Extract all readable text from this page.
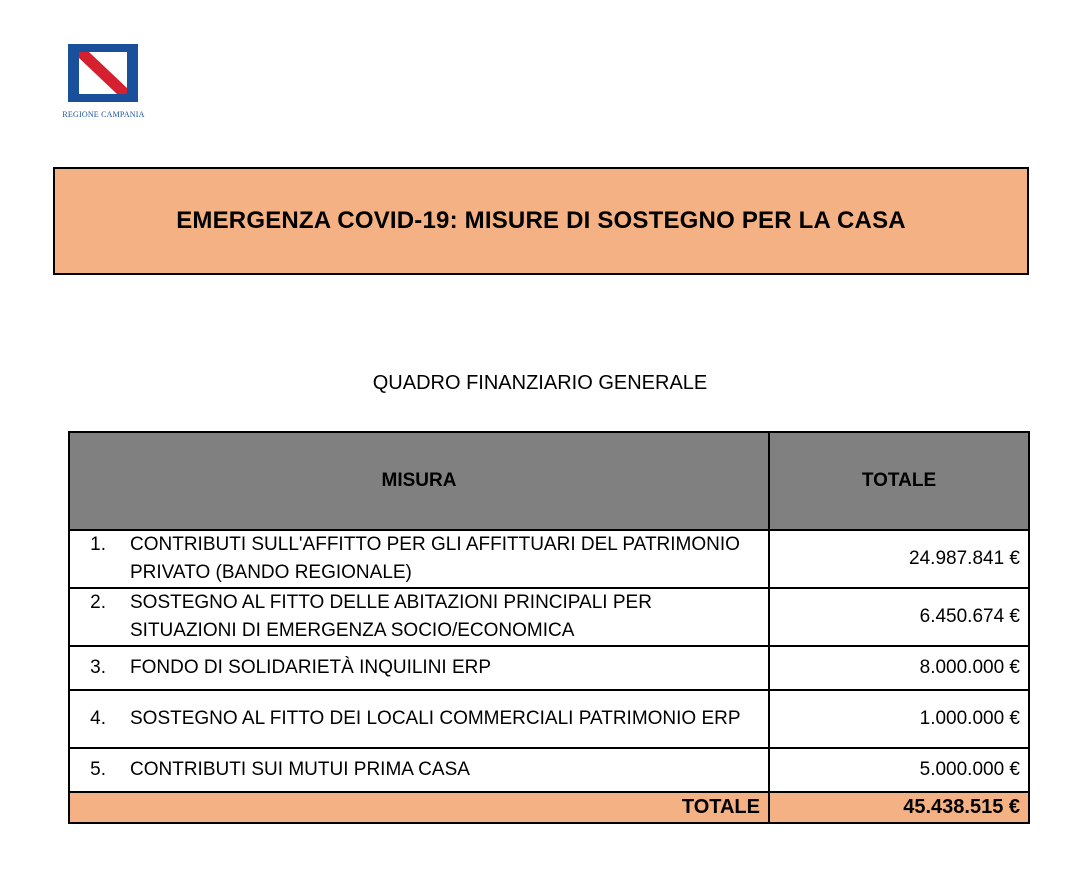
REGIONE CAMPANIA
EMERGENZA COVID-19: MISURE DI SOSTEGNO PER LA CASA
QUADRO FINANZIARIO GENERALE
MISURA	TOTALE

1. CONTRIBUTI SULL'AFFITTO PER GLI AFFITTUARI DEL PATRIMONIO PRIVATO (BANDO REGIONALE)	24.987.841 €

2. SOSTEGNO AL FITTO DELLE ABITAZIONI PRINCIPALI PER SITUAZIONI DI EMERGENZA SOCIO/ECONOMICA	6.450.674 €

3. FONDO DI SOLIDARIETÀ INQUILINI ERP	8.000.000 €

4. SOSTEGNO AL FITTO DEI LOCALI COMMERCIALI PATRIMONIO ERP	1.000.000 €

5. CONTRIBUTI SUI MUTUI PRIMA CASA	5.000.000 €
TOTALE	45.438.515 €
